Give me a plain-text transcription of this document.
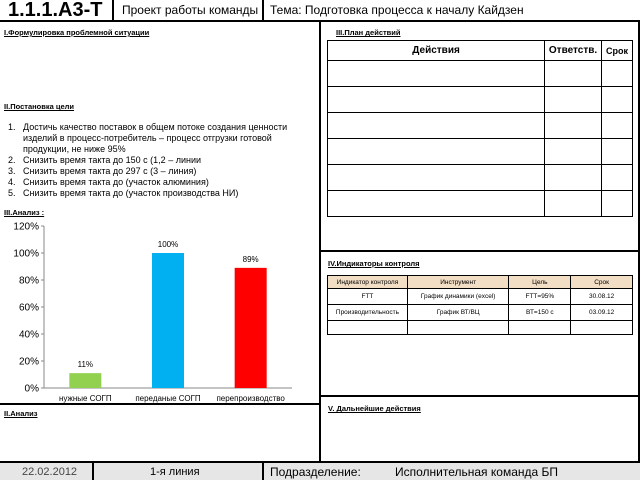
1.1.1.А3-Т	Проект работы команды Тема: Подготовка процесса к началу Кайдзен
I.Формулировка проблемной ситуации
II.Постановка цели
1. Достичь качество поставок в общем потоке создания ценности изделий в процесс-потребитель – процесс отгрузки готовой продукции, не ниже 95%
2. Снизить время такта до 150 с (1,2 – линии
3. Снизить время такта до 297 с (3 – линия)
4. Снизить время такта до (участок алюминия)
5. Снизить время такта до (участок производства НИ)
III.Анализ :
0%
20%
40%
60%
80%
100%
120%
11%
нужные СОГП
100%
переданые СОГП
89%
перепроизводство
II.Анализ
III.План действий
Действия	Ответств.	Срок

IV.Индикаторы контроля
Индикатор контроля	Инструмент	Цель	Срок
FTT	График динамики (excel)	FTT=95%	30.08.12
Производительность	График ВТ/ВЦ	ВТ=150 с	03.09.12

V. Дальнейшие действия
22.02.2012	1-я линия	Подразделение:	Исполнительная команда БП
